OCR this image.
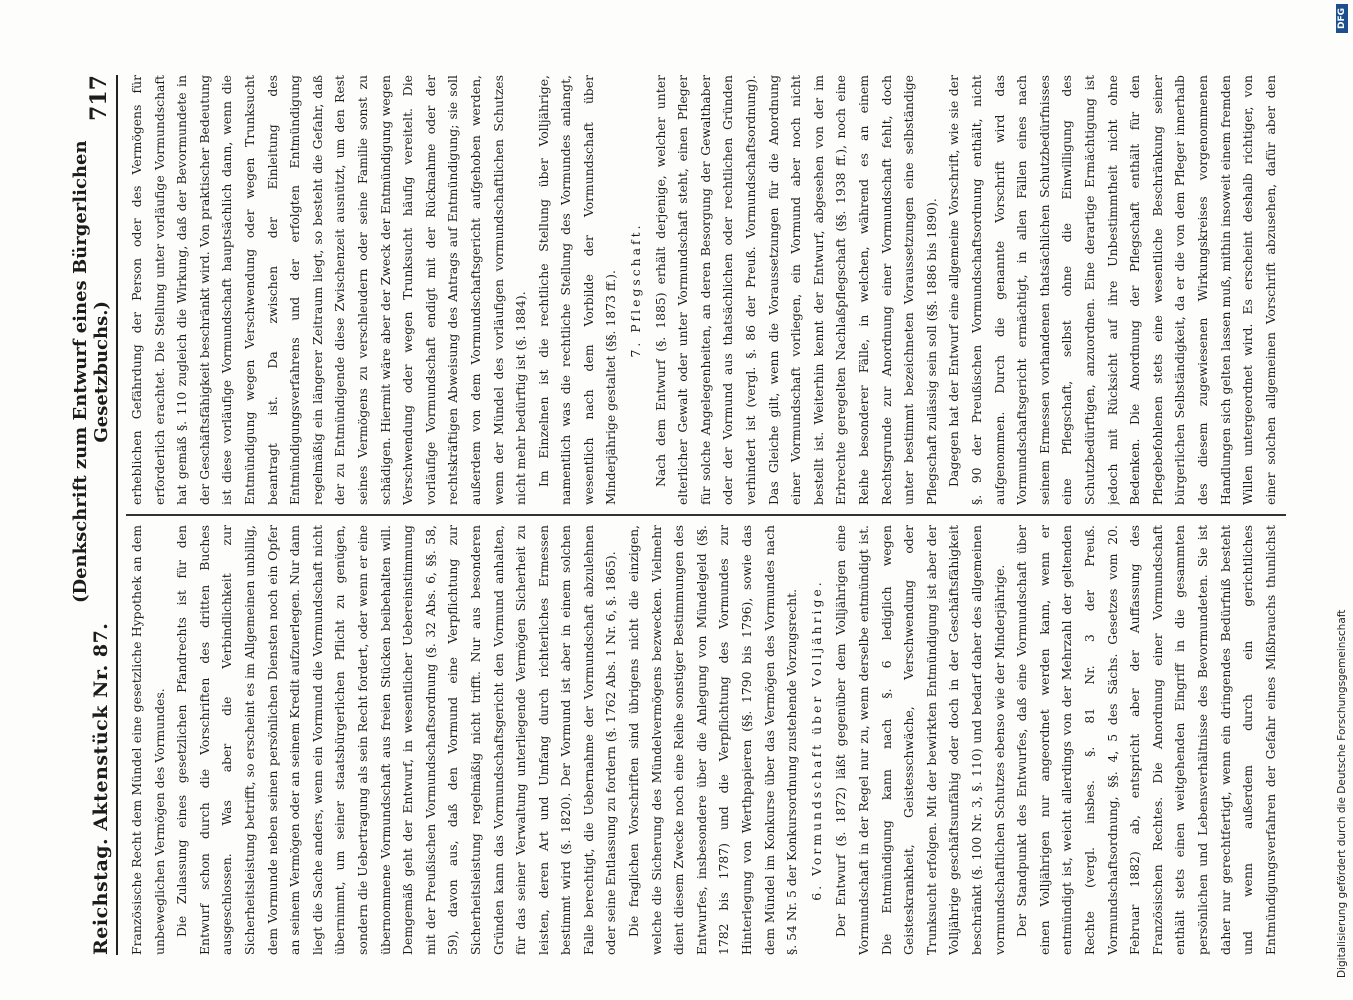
Reichstag. Aktenstück Nr. 87.
(Denkschrift zum Entwurf eines Bürgerlichen Gesetzbuchs.)
717

Französische Recht dem Mündel eine gesetzliche Hypothek an dem unbeweglichen Vermögen des Vormundes. Die Zulassung eines gesetzlichen Pfandrechts ist für den Entwurf schon durch die Vorschriften des dritten Buches ausgeschlossen. Was aber die Verbindlichkeit zur Sicherheitsleistung betrifft, so erscheint es im Allgemeinen unbillig, dem Vormunde neben seinen persönlichen Diensten noch ein Opfer an seinem Vermögen oder an seinem Kredit aufzuerlegen. Nur dann liegt die Sache anders, wenn ein Vormund die Vormundschaft nicht übernimmt, um seiner staatsbürgerlichen Pflicht zu genügen, sondern die Uebertragung als sein Recht fordert, oder wenn er eine übernommene Vormundschaft aus freien Stücken beibehalten will. Demgemäß geht der Entwurf, in wesentlicher Uebereinstimmung mit der Preußischen Vormundschaftsordnung (§. 32 Abs. 6, §§. 58, 59), davon aus, daß den Vormund eine Verpflichtung zur Sicherheitsleistung regelmäßig nicht trifft. Nur aus besonderen Gründen kann das Vormundschaftsgericht den Vormund anhalten, für das seiner Verwaltung unterliegende Vermögen Sicherheit zu leisten, deren Art und Umfang durch richterliches Ermessen bestimmt wird (§. 1820). Der Vormund ist aber in einem solchen Falle berechtigt, die Uebernahme der Vormundschaft abzulehnen oder seine Entlassung zu fordern (§. 1762 Abs. 1 Nr. 6, §. 1865). Die fraglichen Vorschriften sind übrigens nicht die einzigen, welche die Sicherung des Mündelvermögens bezwecken. Vielmehr dient diesem Zwecke noch eine Reihe sonstiger Bestimmungen des Entwurfes, insbesondere über die Anlegung von Mündelgeld (§§. 1782 bis 1787) und die Verpflichtung des Vormundes zur Hinterlegung von Werthpapieren (§§. 1790 bis 1796), sowie das dem Mündel im Konkurse über das Vermögen des Vormundes nach §. 54 Nr. 5 der Konkursordnung zustehende Vorzugsrecht. 6. Vormundschaft über Volljährige. Der Entwurf (§. 1872) läßt gegenüber dem Volljährigen eine Vormundschaft in der Regel nur zu, wenn derselbe entmündigt ist. Die Entmündigung kann nach §. 6 lediglich wegen Geisteskrankheit, Geistesschwäche, Verschwendung oder Trunksucht erfolgen. Mit der bewirkten Entmündigung ist aber der Volljährige geschäftsunfähig oder doch in der Geschäftsfähigkeit beschränkt (§. 100 Nr. 3, §. 110) und bedarf daher des allgemeinen vormundschaftlichen Schutzes ebenso wie der Minderjährige. Der Standpunkt des Entwurfes, daß eine Vormundschaft über einen Volljährigen nur angeordnet werden kann, wenn er entmündigt ist, weicht allerdings von der Mehrzahl der geltenden Rechte (vergl. insbes. §. 81 Nr. 3 der Preuß. Vormundschaftsordnung, §§. 4, 5 des Sächs. Gesetzes vom 20. Februar 1882) ab, entspricht aber der Auffassung des Französischen Rechtes. Die Anordnung einer Vormundschaft enthält stets einen weitgehenden Eingriff in die gesammten persönlichen und Lebensverhältnisse des Bevormundeten. Sie ist daher nur gerechtfertigt, wenn ein dringendes Bedürfniß besteht und wenn außerdem durch ein gerichtliches Entmündigungsverfahren der Gefahr eines Mißbrauchs thunlichst

erheblichen Gefährdung der Person oder des Vermögens für erforderlich erachtet. Die Stellung unter vorläufige Vormundschaft hat gemäß §. 110 zugleich die Wirkung, daß der Bevormundete in der Geschäftsfähigkeit beschränkt wird. Von praktischer Bedeutung ist diese vorläufige Vormundschaft hauptsächlich dann, wenn die Entmündigung wegen Verschwendung oder wegen Trunksucht beantragt ist. Da zwischen der Einleitung des Entmündigungsverfahrens und der erfolgten Entmündigung regelmäßig ein längerer Zeitraum liegt, so besteht die Gefahr, daß der zu Entmündigende diese Zwischenzeit ausnützt, um den Rest seines Vermögens zu verschleudern oder seine Familie sonst zu schädigen. Hiermit wäre aber der Zweck der Entmündigung wegen Verschwendung oder wegen Trunksucht häufig vereitelt. Die vorläufige Vormundschaft endigt mit der Rücknahme oder der rechtskräftigen Abweisung des Antrags auf Entmündigung; sie soll außerdem von dem Vormundschaftsgericht aufgehoben werden, wenn der Mündel des vorläufigen vormundschaftlichen Schutzes nicht mehr bedürftig ist (§. 1884). Im Einzelnen ist die rechtliche Stellung über Volljährige, namentlich was die rechtliche Stellung des Vormundes anlangt, wesentlich nach dem Vorbilde der Vormundschaft über Minderjährige gestaltet (§§. 1873 ff.). 7. Pflegschaft. Nach dem Entwurf (§. 1885) erhält derjenige, welcher unter elterlicher Gewalt oder unter Vormundschaft steht, einen Pfleger für solche Angelegenheiten, an deren Besorgung der Gewalthaber oder der Vormund aus thatsächlichen oder rechtlichen Gründen verhindert ist (vergl. §. 86 der Preuß. Vormundschaftsordnung). Das Gleiche gilt, wenn die Voraussetzungen für die Anordnung einer Vormundschaft vorliegen, ein Vormund aber noch nicht bestellt ist. Weiterhin kennt der Entwurf, abgesehen von der im Erbrechte geregelten Nachlaßpflegschaft (§§. 1938 ff.), noch eine Reihe besonderer Fälle, in welchen, während es an einem Rechtsgrunde zur Anordnung einer Vormundschaft fehlt, doch unter bestimmt bezeichneten Voraussetzungen eine selbständige Pflegschaft zulässig sein soll (§§. 1886 bis 1890). Dagegen hat der Entwurf eine allgemeine Vorschrift, wie sie der §. 90 der Preußischen Vormundschaftsordnung enthält, nicht aufgenommen. Durch die genannte Vorschrift wird das Vormundschaftsgericht ermächtigt, in allen Fällen eines nach seinem Ermessen vorhandenen thatsächlichen Schutzbedürfnisses eine Pflegschaft, selbst ohne die Einwilligung des Schutzbedürftigen, anzuordnen. Eine derartige Ermächtigung ist jedoch mit Rücksicht auf ihre Unbestimmtheit nicht ohne Bedenken. Die Anordnung der Pflegschaft enthält für den Pflegebefohlenen stets eine wesentliche Beschränkung seiner bürgerlichen Selbständigkeit, da er die von dem Pfleger innerhalb des diesem zugewiesenen Wirkungskreises vorgenommenen Handlungen sich gelten lassen muß, mithin insoweit einem fremden Willen untergeordnet wird. Es erscheint deshalb richtiger, von einer solchen allgemeinen Vorschrift abzusehen, dafür aber den

Digitalisierung gefördert durch die Deutsche Forschungsgemeinschaft
DFG
